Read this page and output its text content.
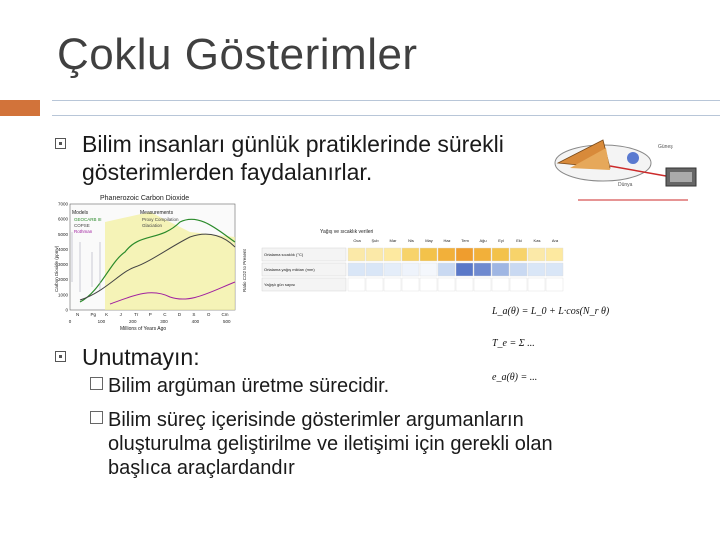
Çoklu Gösterimler
Güneş
Dünya
Bilim insanları günlük pratiklerinde sürekli
gösterimlerden faydalanırlar.
Phanerozoic Carbon Dioxide
Models
GEOCARB III
COPSE
Rothman
Measurements
Proxy Compilation
Glaciation
Carbon Dioxide (ppmv)	Ratio CO2 to Present
0
1000
2000
3000
4000
5000
6000
7000
0	100	200	300	400	500
N	Pg K	J	Tr P	C	D	S	O Cm
Millions of Years Ago
Yağış ve sıcaklık verileri
Oca	Şub	Mar	Nis	May	Haz	Tem	Ağu	Eyl	Eki	Kas	Ara
Ortalama sıcaklık (°C)
Ortalama yağış miktarı (mm)
Yağışlı gün sayısı
L_a(θ) = L_0 + L·cos(N_r θ)
T_e = Σ ...
e_a(θ) = ...
Unutmayın:
Bilim argüman üretme sürecidir.
Bilim süreç içerisinde gösterimler argumanların
oluşturulma geliştirilme ve iletişimi için gerekli olan
başlıca araçlardandır
